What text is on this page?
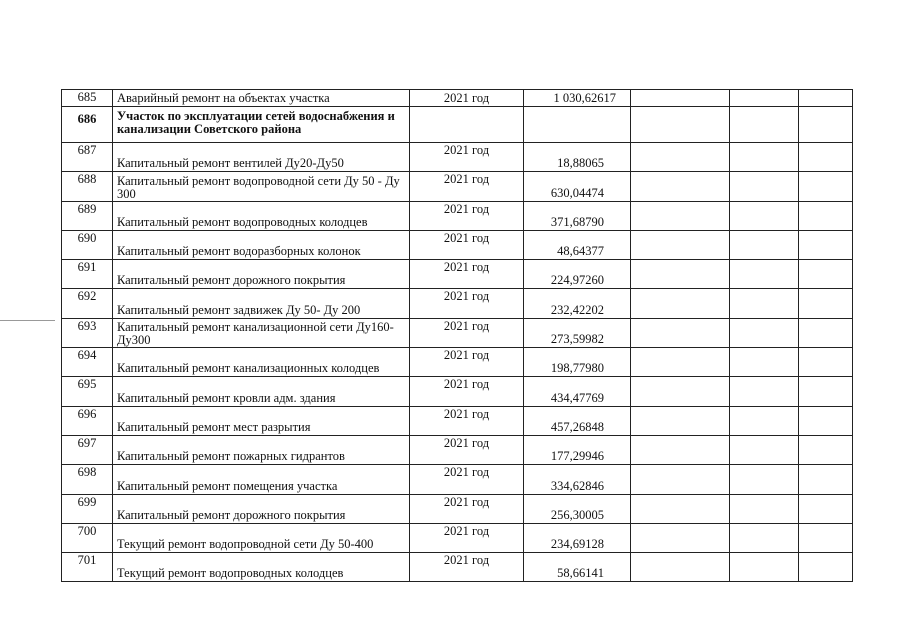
685	Аварийный ремонт на объектах участка	2021 год	1 030,62617			

686	Участок по эксплуатации сетей водоснабжения и канализации Советского района					

687	Капитальный ремонт вентилей Ду20-Ду50	2021 год	18,88065			

688	Капитальный ремонт водопроводной сети Ду 50 - Ду 300	2021 год	630,04474			

689	Капитальный ремонт водопроводных колодцев	2021 год	371,68790			

690	Капитальный ремонт водоразборных колонок	2021 год	48,64377			

691	Капитальный ремонт дорожного покрытия	2021 год	224,97260			

692	Капитальный ремонт задвижек Ду 50- Ду 200	2021 год	232,42202			

693	Капитальный ремонт канализационной сети Ду160-Ду300	2021 год	273,59982			

694	Капитальный ремонт канализационных колодцев	2021 год	198,77980			

695	Капитальный ремонт кровли адм. здания	2021 год	434,47769			

696	Капитальный ремонт мест разрытия	2021 год	457,26848			

697	Капитальный ремонт пожарных гидрантов	2021 год	177,29946			

698	Капитальный ремонт помещения участка	2021 год	334,62846			

699	Капитальный ремонт дорожного покрытия	2021 год	256,30005			

700	Текущий ремонт водопроводной сети Ду 50-400	2021 год	234,69128			

701	Текущий ремонт водопроводных колодцев	2021 год	58,66141			
